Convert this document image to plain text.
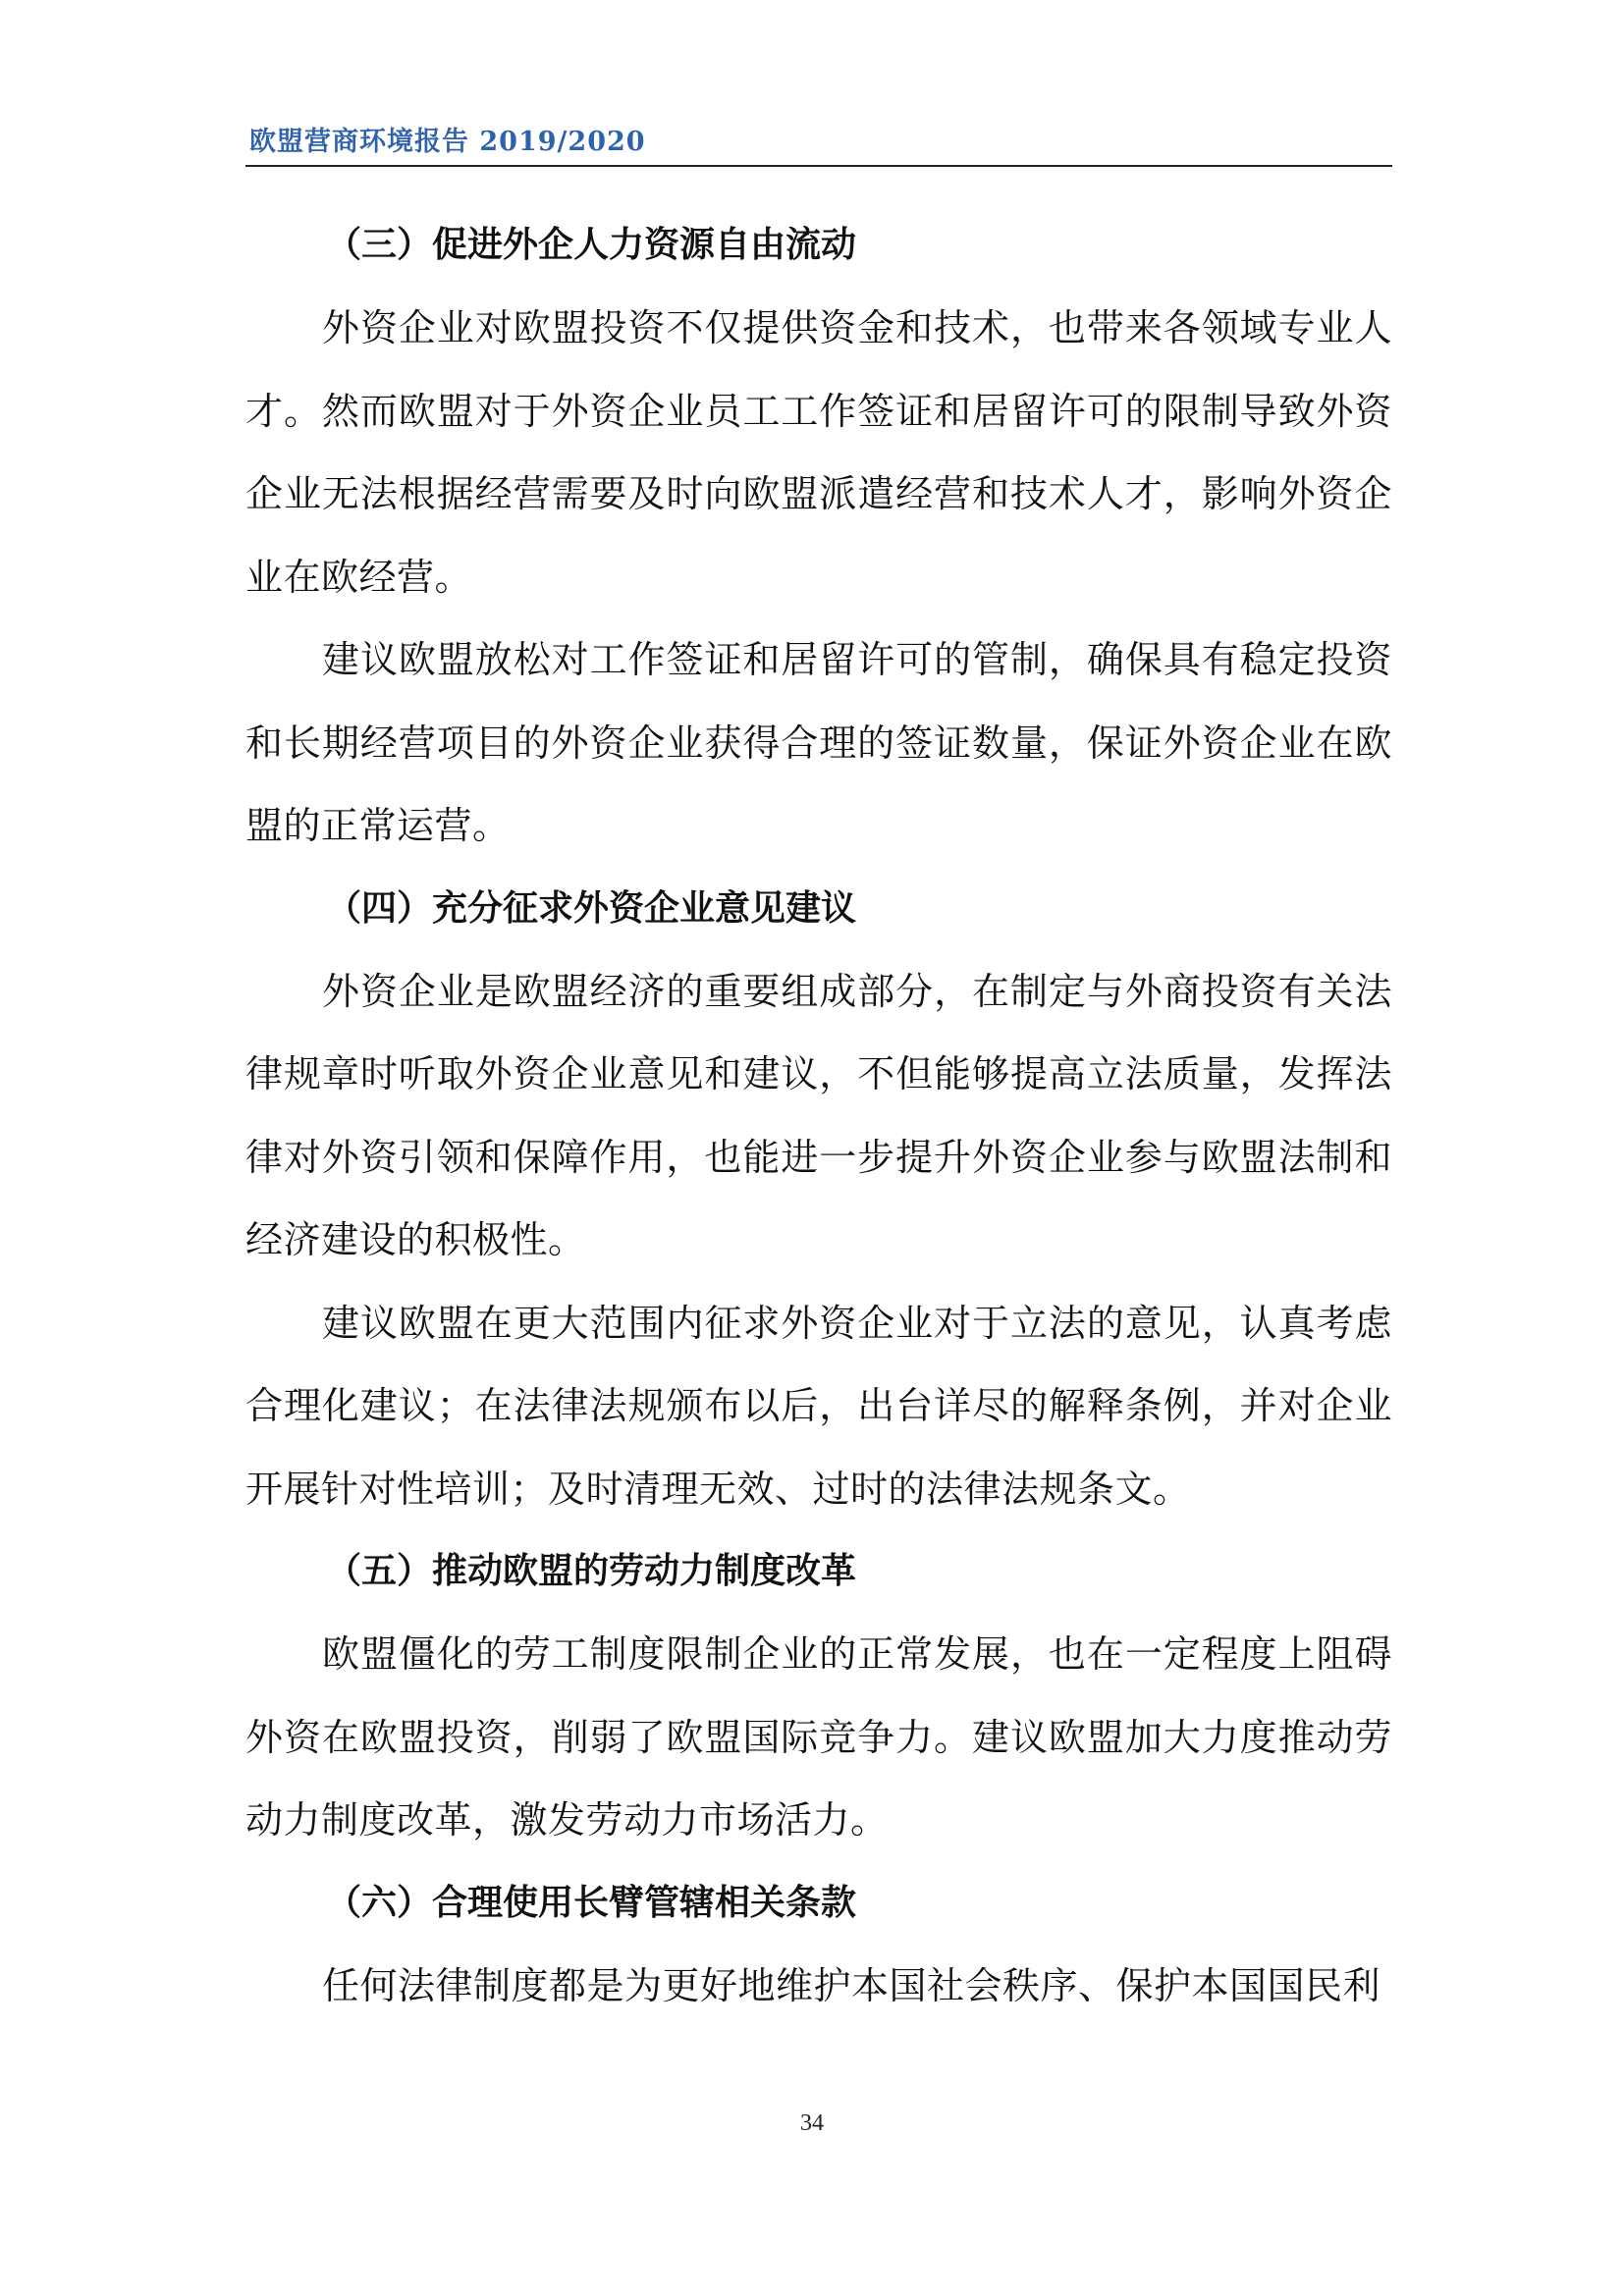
欧盟营商环境报告 2019/2020
（三）促进外企人力资源自由流动

外资企业对欧盟投资不仅提供资金和技术，也带来各领域专业人才。然而欧盟对于外资企业员工工作签证和居留许可的限制导致外资企业无法根据经营需要及时向欧盟派遣经营和技术人才，影响外资企业在欧经营。

建议欧盟放松对工作签证和居留许可的管制，确保具有稳定投资和长期经营项目的外资企业获得合理的签证数量，保证外资企业在欧盟的正常运营。

（四）充分征求外资企业意见建议

外资企业是欧盟经济的重要组成部分，在制定与外商投资有关法律规章时听取外资企业意见和建议，不但能够提高立法质量，发挥法律对外资引领和保障作用，也能进一步提升外资企业参与欧盟法制和经济建设的积极性。

建议欧盟在更大范围内征求外资企业对于立法的意见，认真考虑合理化建议；在法律法规颁布以后，出台详尽的解释条例，并对企业开展针对性培训；及时清理无效、过时的法律法规条文。

（五）推动欧盟的劳动力制度改革

欧盟僵化的劳工制度限制企业的正常发展，也在一定程度上阻碍外资在欧盟投资，削弱了欧盟国际竞争力。建议欧盟加大力度推动劳动力制度改革，激发劳动力市场活力。

（六）合理使用长臂管辖相关条款

任何法律制度都是为更好地维护本国社会秩序、保护本国国民利

34
